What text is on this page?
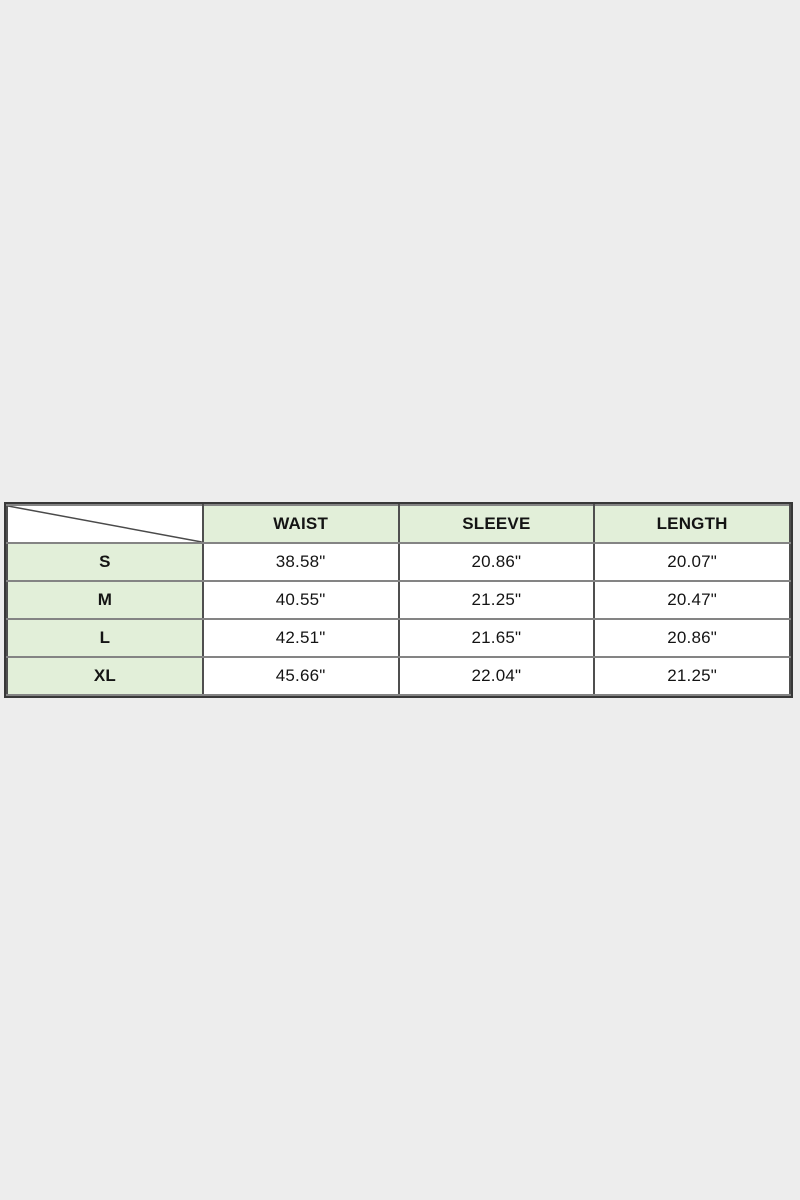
	WAIST	SLEEVE	LENGTH
S	38.58"	20.86"	20.07"
M	40.55"	21.25"	20.47"
L	42.51"	21.65"	20.86"
XL	45.66"	22.04"	21.25"
